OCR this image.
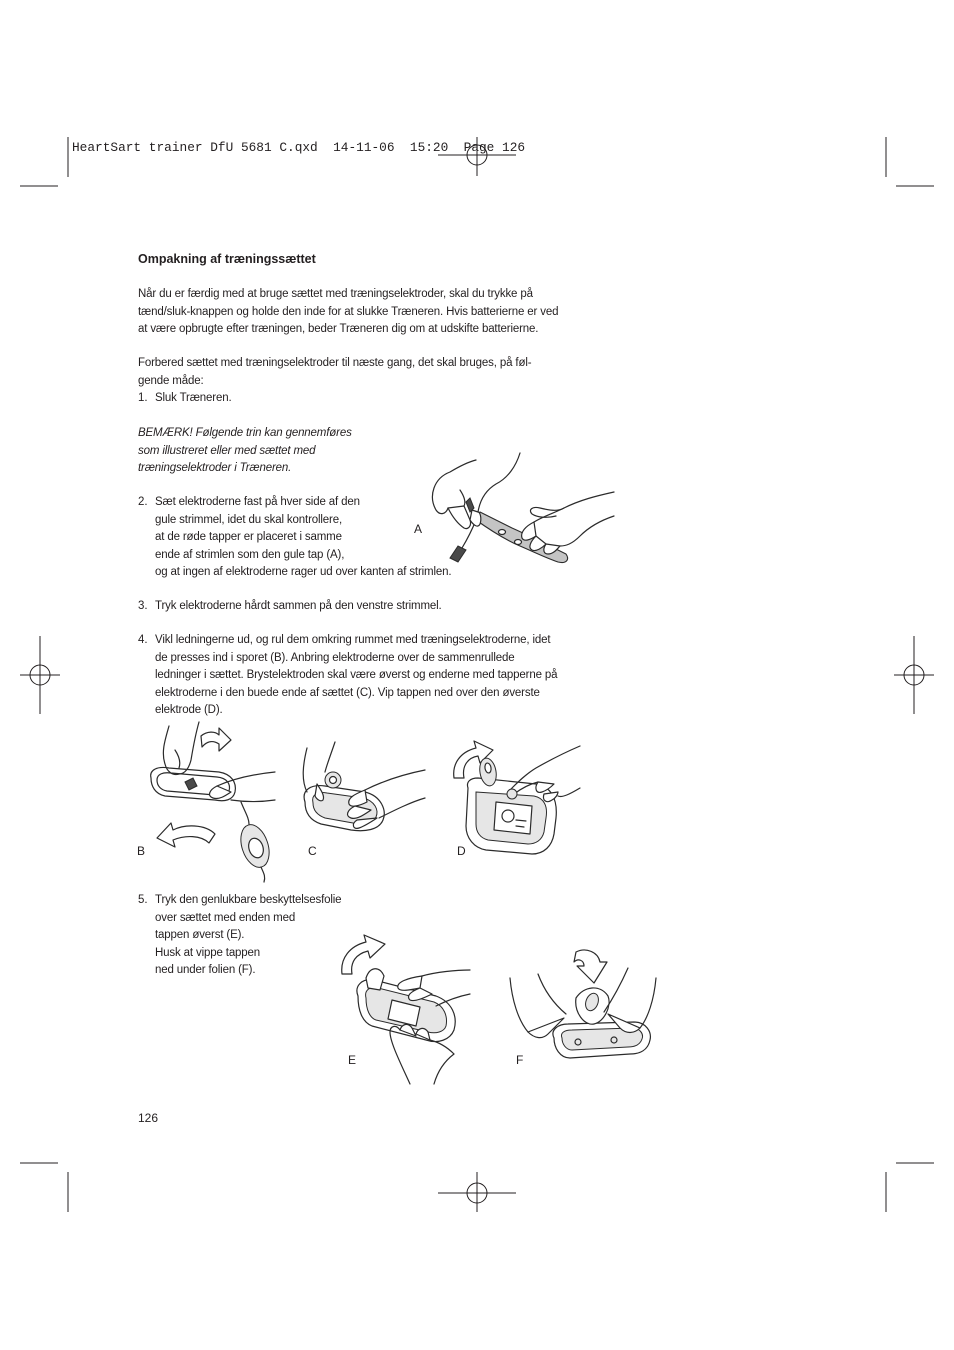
HeartSart trainer DfU 5681 C.qxd  14-11-06  15:20  Page 126
Ompakning af træningssættet
Når du er færdig med at bruge sættet med træningselektroder, skal du trykke på
tænd/sluk-knappen og holde den inde for at slukke Træneren. Hvis batterierne er ved
at være opbrugte efter træningen, beder Træneren dig om at udskifte batterierne.
Forbered sættet med træningselektroder til næste gang, det skal bruges, på føl-
gende måde:
1. Sluk Træneren.
BEMÆRK! Følgende trin kan gennemføres
som illustreret eller med sættet med
træningselektroder i Træneren.
2. Sæt elektroderne fast på hver side af den
gule strimmel, idet du skal kontrollere,
at de røde tapper er placeret i samme
ende af strimlen som den gule tap (A),
og at ingen af elektroderne rager ud over kanten af strimlen.
A
3. Tryk elektroderne hårdt sammen på den venstre strimmel.
4. Vikl ledningerne ud, og rul dem omkring rummet med træningselektroderne, idet
de presses ind i sporet (B). Anbring elektroderne over de sammenrullede
ledninger i sættet. Brystelektroden skal være øverst og enderne med tapperne på
elektroderne i den buede ende af sættet (C). Vip tappen ned over den øverste
elektrode (D).
B	C	D
5. Tryk den genlukbare beskyttelsesfolie
over sættet med enden med
tappen øverst (E).
Husk at vippe tappen
ned under folien (F).
E	F
126
